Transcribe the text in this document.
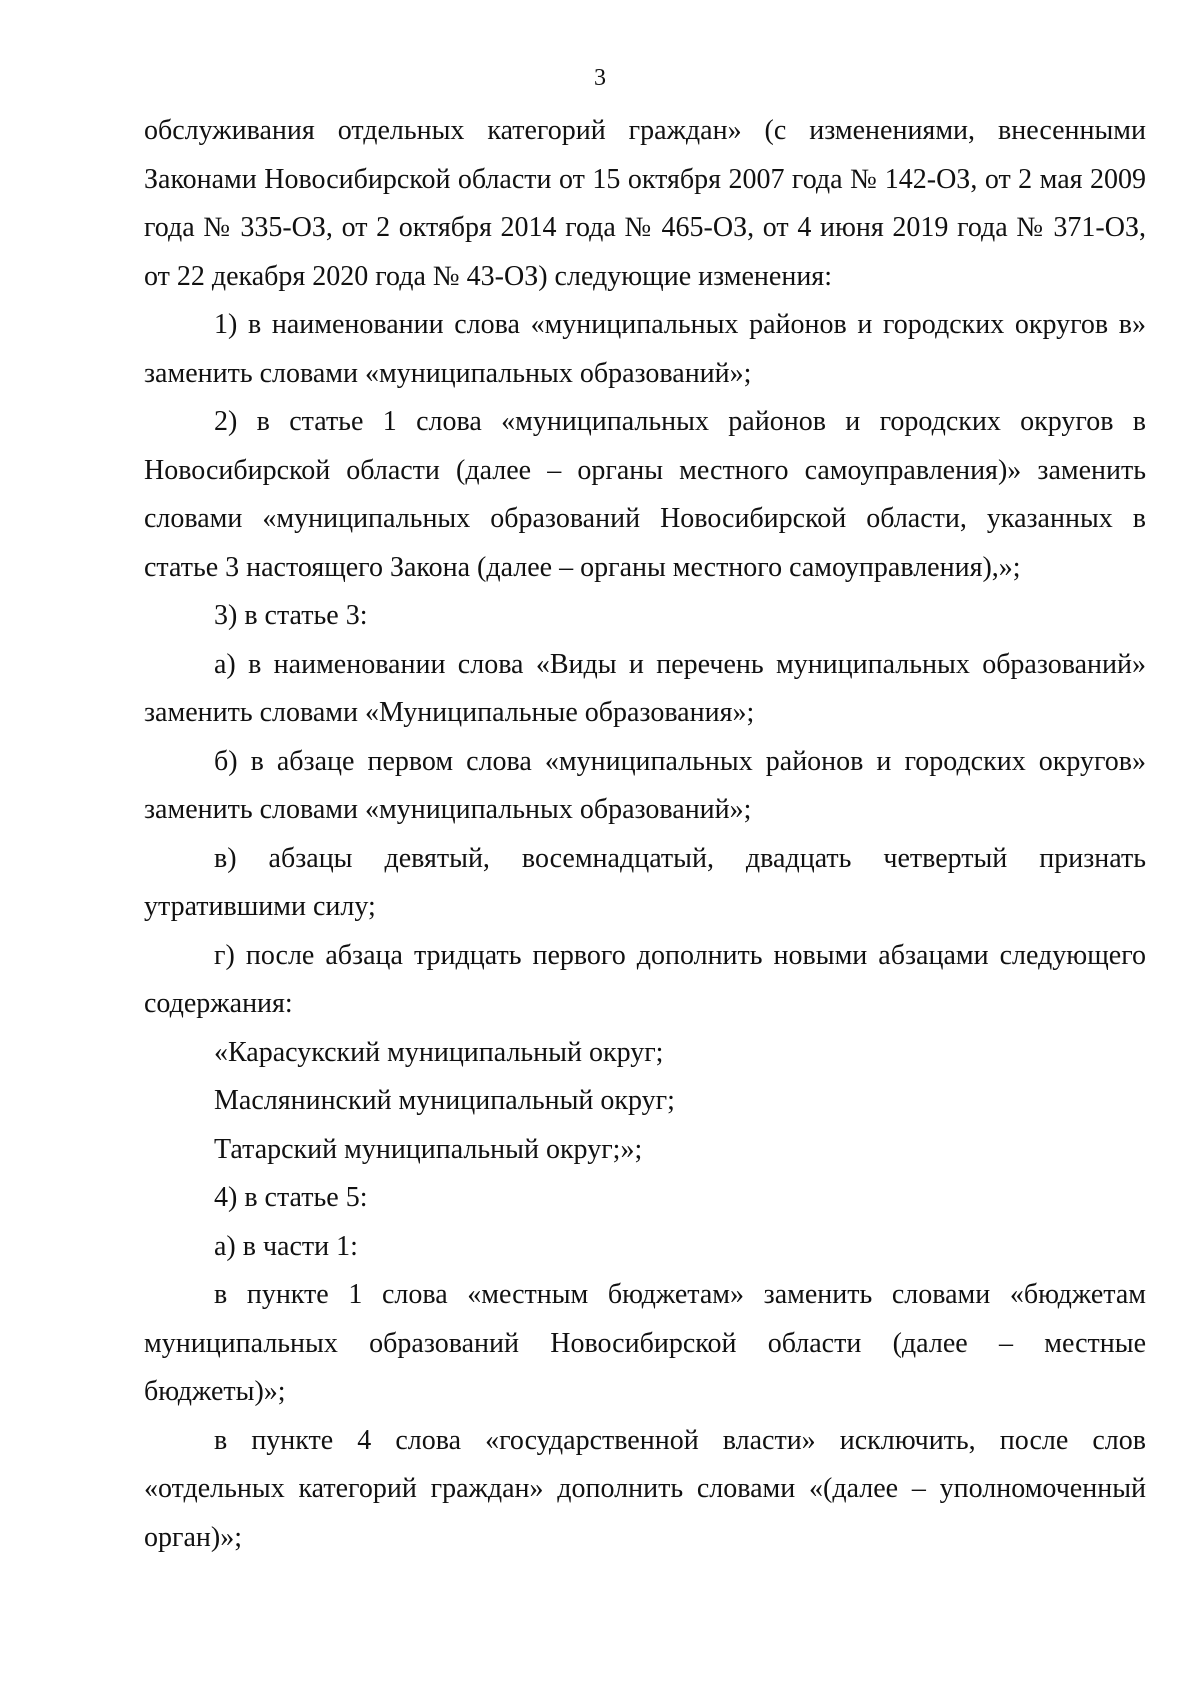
3

обслуживания отдельных категорий граждан» (с изменениями, внесенными Законами Новосибирской области от 15 октября 2007 года № 142-ОЗ, от 2 мая 2009 года № 335-ОЗ, от 2 октября 2014 года № 465-ОЗ, от 4 июня 2019 года № 371-ОЗ, от 22 декабря 2020 года № 43-ОЗ) следующие изменения:

1) в наименовании слова «муниципальных районов и городских округов в» заменить словами «муниципальных образований»;

2) в статье 1 слова «муниципальных районов и городских округов в Новосибирской области (далее – органы местного самоуправления)» заменить словами «муниципальных образований Новосибирской области, указанных в статье 3 настоящего Закона (далее – органы местного самоуправления),»;

3) в статье 3:

а) в наименовании слова «Виды и перечень муниципальных образований» заменить словами «Муниципальные образования»;

б) в абзаце первом слова «муниципальных районов и городских округов» заменить словами «муниципальных образований»;

в) абзацы девятый, восемнадцатый, двадцать четвертый признать утратившими силу;

г) после абзаца тридцать первого дополнить новыми абзацами следующего содержания:

«Карасукский муниципальный округ;

Маслянинский муниципальный округ;

Татарский муниципальный округ;»;

4) в статье 5:

а) в части 1:

в пункте 1 слова «местным бюджетам» заменить словами «бюджетам муниципальных образований Новосибирской области (далее – местные бюджеты)»;

в пункте 4 слова «государственной власти» исключить, после слов «отдельных категорий граждан» дополнить словами «(далее – уполномоченный орган)»;
